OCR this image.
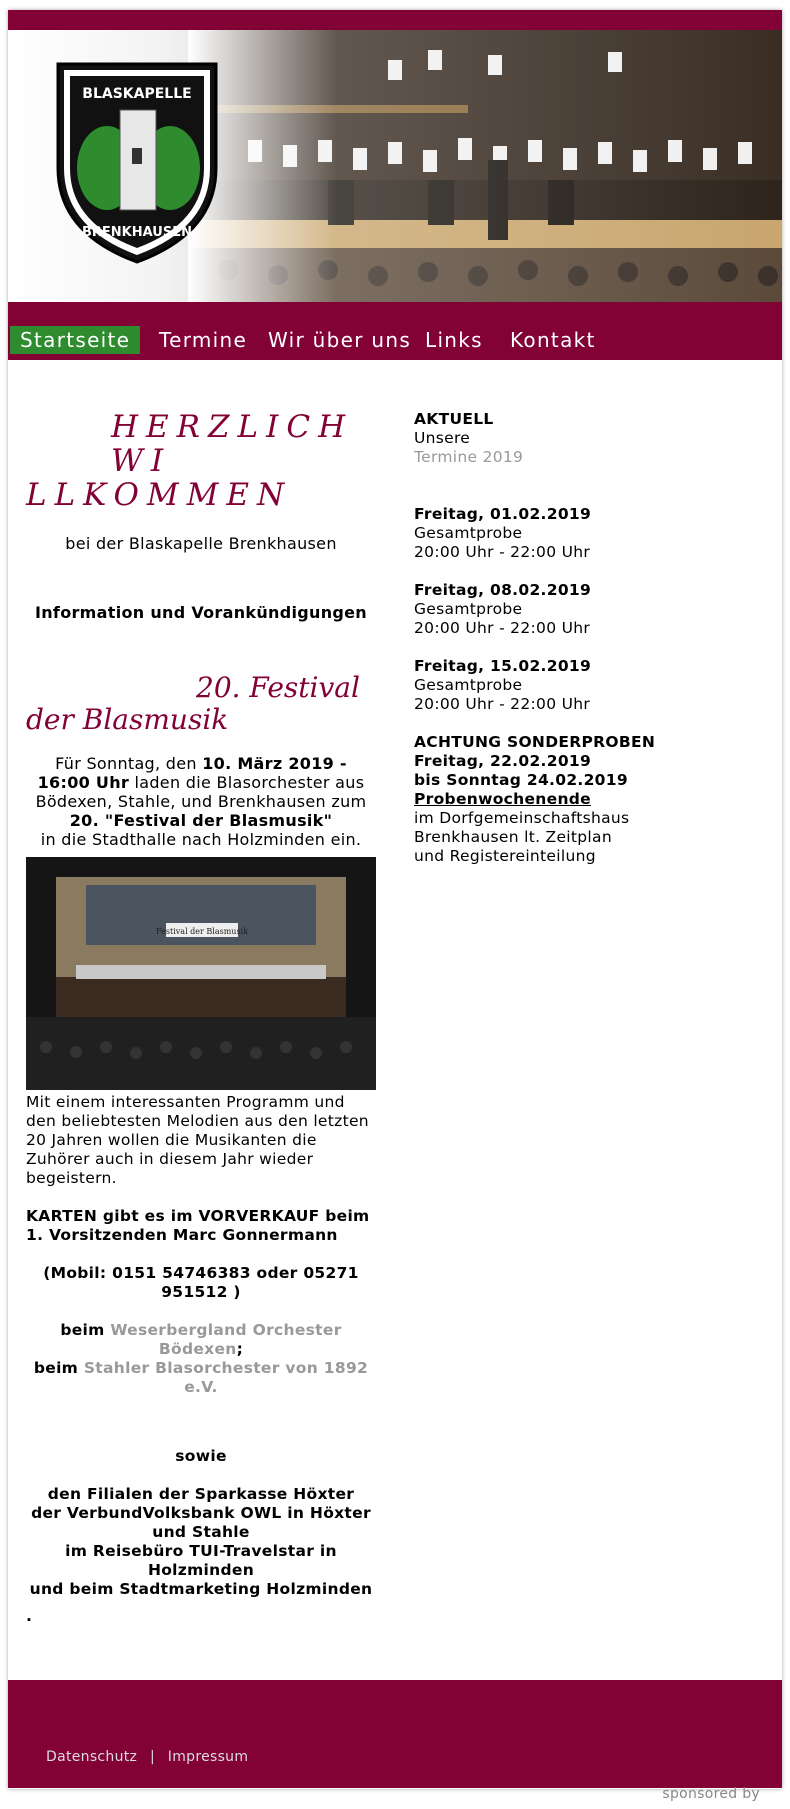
BLASKAPELLE
BRENKHAUSEN
Startseite	Termine	Wir über uns Links	Kontakt
HERZLICH WI
LLKOMMEN
bei der Blaskapelle Brenkhausen
Information und Vorankündigungen
20. Festival
der Blasmusik
Für Sonntag, den 10. März 2019 - 16:00 Uhr laden die Blasorchester aus Bödexen, Stahle, und Brenkhausen zum
20. "Festival der Blasmusik"
in die Stadthalle nach Holzminden ein.
Festival der Blasmusik
Mit einem interessanten Programm und den beliebtesten Melodien aus den letzten 20 Jahren wollen die Musikanten die Zuhörer auch in diesem Jahr wieder begeistern.
KARTEN gibt es im VORVERKAUF beim 1. Vorsitzenden Marc Gonnermann
(Mobil: 0151 54746383 oder 05271 951512 )
beim Weserbergland Orchester Bödexen;
beim Stahler Blasorchester von 1892 e.V.
sowie
den Filialen der Sparkasse Höxter
der VerbundVolksbank OWL in Höxter und Stahle
im Reisebüro TUI-Travelstar in Holzminden
und beim Stadtmarketing Holzminden
.
AKTUELL
Unsere
Termine 2019
Freitag, 01.02.2019
Gesamtprobe
20:00 Uhr - 22:00 Uhr
Freitag, 08.02.2019
Gesamtprobe
20:00 Uhr - 22:00 Uhr
Freitag, 15.02.2019
Gesamtprobe
20:00 Uhr - 22:00 Uhr
ACHTUNG SONDERPROBEN
Freitag, 22.02.2019
bis Sonntag 24.02.2019
Probenwochenende
im Dorfgemeinschaftshaus
Brenkhausen lt. Zeitplan
und Registereinteilung
Datenschutz | Impressum
sponsored by
